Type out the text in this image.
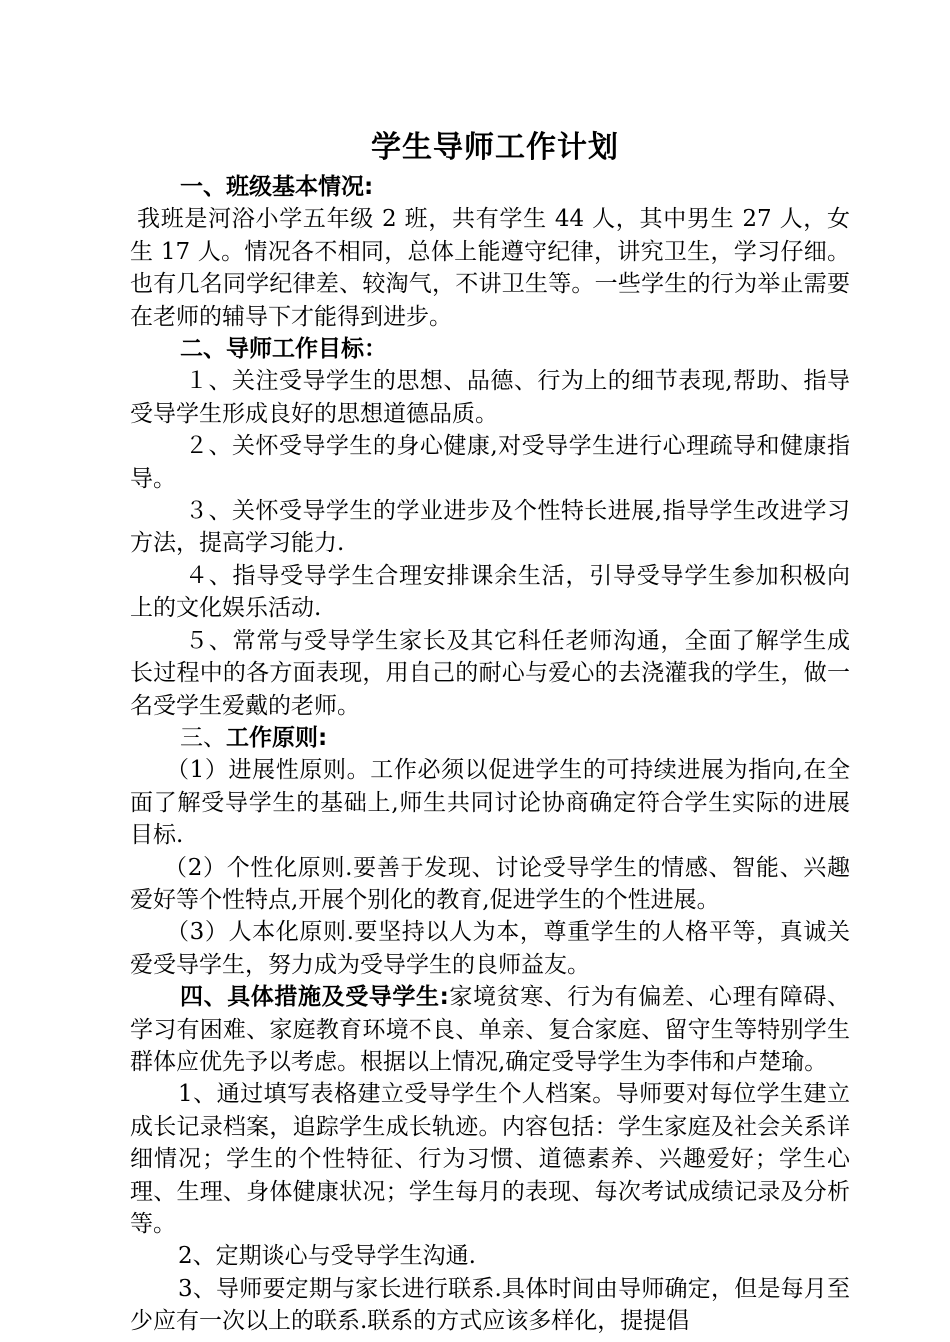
学生导师工作计划

一、班级基本情况:

我班是河浴小学五年级 2 班，共有学生 44 人，其中男生 27 人，女生 17 人。情况各不相同，总体上能遵守纪律，讲究卫生，学习仔细。也有几名同学纪律差、较淘气，不讲卫生等。一些学生的行为举止需要在老师的辅导下才能得到进步。

二、导师工作目标：

１、关注受导学生的思想、品德、行为上的细节表现,帮助、指导受导学生形成良好的思想道德品质。

２、关怀受导学生的身心健康,对受导学生进行心理疏导和健康指导。

３、关怀受导学生的学业进步及个性特长进展,指导学生改进学习方法，提高学习能力.

４、指导受导学生合理安排课余生活，引导受导学生参加积极向上的文化娱乐活动.

５、常常与受导学生家长及其它科任老师沟通，全面了解学生成长过程中的各方面表现，用自己的耐心与爱心的去浇灌我的学生，做一名受学生爱戴的老师。

三、工作原则:

（1）进展性原则。工作必须以促进学生的可持续进展为指向,在全面了解受导学生的基础上,师生共同讨论协商确定符合学生实际的进展目标.

（2）个性化原则.要善于发现、讨论受导学生的情感、智能、兴趣爱好等个性特点,开展个别化的教育,促进学生的个性进展。

（3）人本化原则.要坚持以人为本，尊重学生的人格平等，真诚关爱受导学生，努力成为受导学生的良师益友。

四、具体措施及受导学生:家境贫寒、行为有偏差、心理有障碍、学习有困难、家庭教育环境不良、单亲、复合家庭、留守生等特别学生群体应优先予以考虑。根据以上情况,确定受导学生为李伟和卢楚瑜。

1、通过填写表格建立受导学生个人档案。导师要对每位学生建立成长记录档案，追踪学生成长轨迹。内容包括：学生家庭及社会关系详细情况；学生的个性特征、行为习惯、道德素养、兴趣爱好；学生心理、生理、身体健康状况；学生每月的表现、每次考试成绩记录及分析等。

2、定期谈心与受导学生沟通.

3、导师要定期与家长进行联系.具体时间由导师确定，但是每月至少应有一次以上的联系.联系的方式应该多样化，提提倡
